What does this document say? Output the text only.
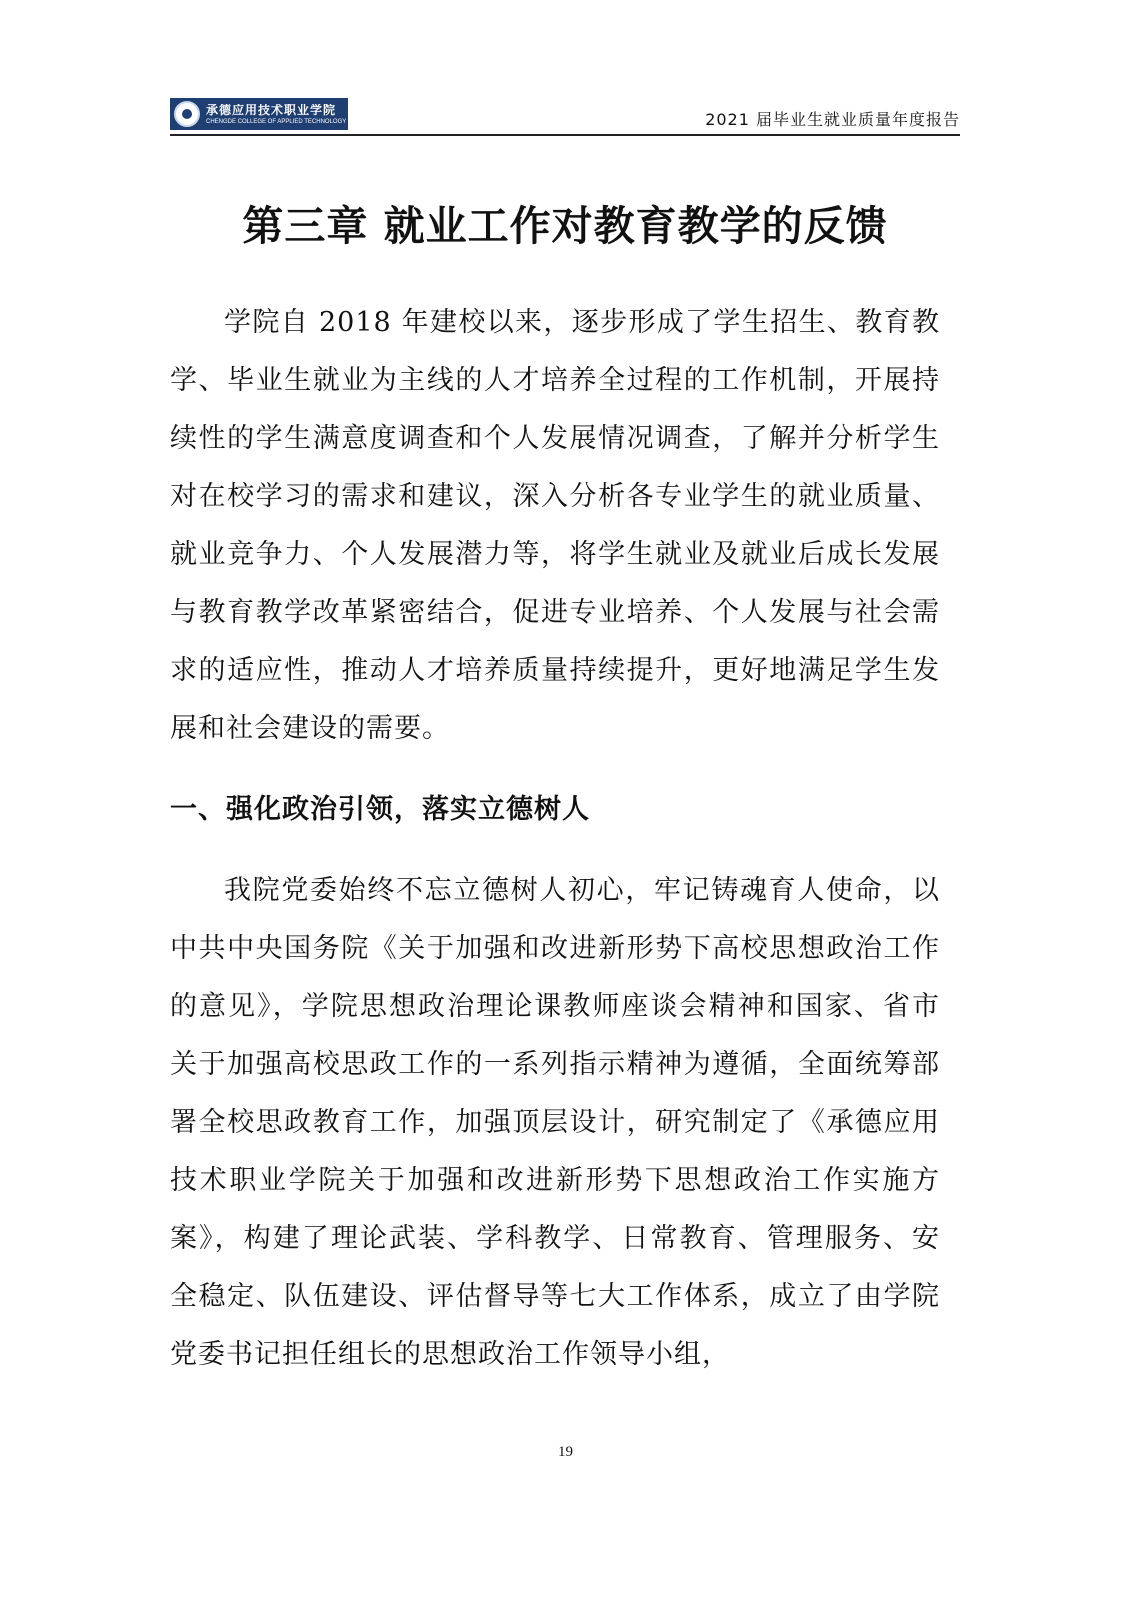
承德应用技术职业学院
CHENGDE COLLEGE OF APPLIED TECHNOLOGY	2021 届毕业生就业质量年度报告
第三章 就业工作对教育教学的反馈

学院自 2018 年建校以来，逐步形成了学生招生、教育教学、毕业生就业为主线的人才培养全过程的工作机制，开展持续性的学生满意度调查和个人发展情况调查，了解并分析学生对在校学习的需求和建议，深入分析各专业学生的就业质量、就业竞争力、个人发展潜力等，将学生就业及就业后成长发展与教育教学改革紧密结合，促进专业培养、个人发展与社会需求的适应性，推动人才培养质量持续提升，更好地满足学生发展和社会建设的需要。

一、强化政治引领，落实立德树人

我院党委始终不忘立德树人初心，牢记铸魂育人使命，以中共中央国务院《关于加强和改进新形势下高校思想政治工作的意见》，学院思想政治理论课教师座谈会精神和国家、省市关于加强高校思政工作的一系列指示精神为遵循，全面统筹部署全校思政教育工作，加强顶层设计，研究制定了《承德应用技术职业学院关于加强和改进新形势下思想政治工作实施方案》，构建了理论武装、学科教学、日常教育、管理服务、安全稳定、队伍建设、评估督导等七大工作体系，成立了由学院党委书记担任组长的思想政治工作领导小组，

19
